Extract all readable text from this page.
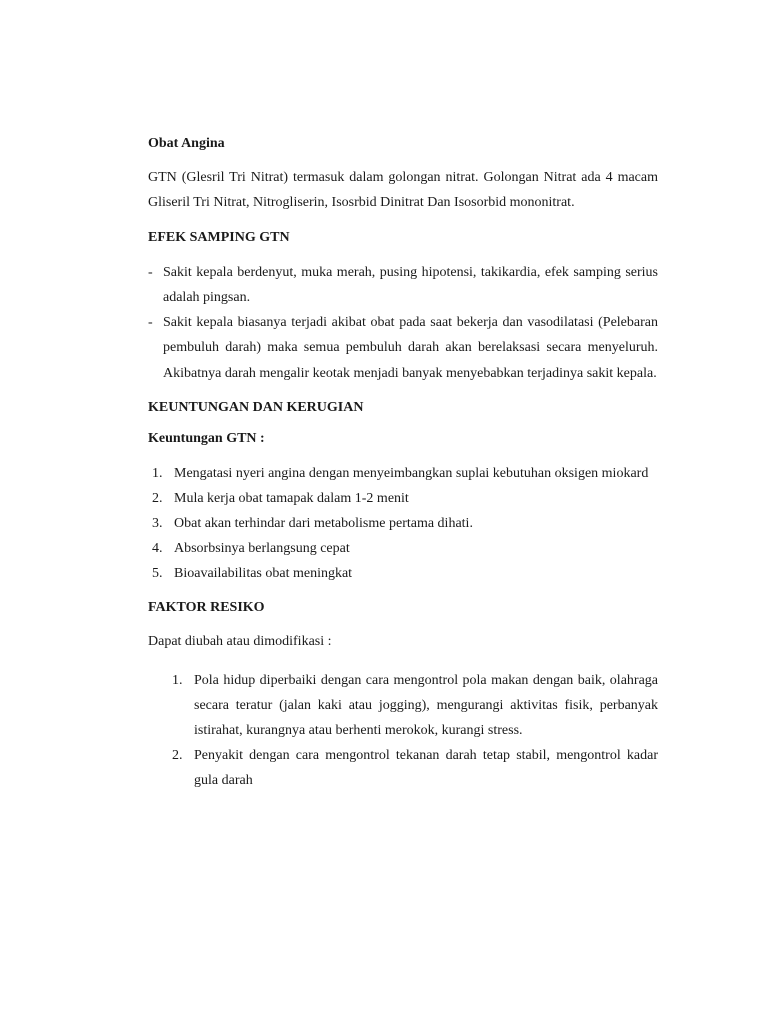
Obat Angina

GTN (Glesril Tri Nitrat) termasuk dalam golongan nitrat. Golongan Nitrat ada 4 macam Gliseril Tri Nitrat, Nitrogliserin, Isosrbid Dinitrat Dan Isosorbid mononitrat.

EFEK SAMPING GTN

- Sakit kepala berdenyut, muka merah, pusing hipotensi, takikardia, efek samping serius adalah pingsan.
- Sakit kepala biasanya terjadi akibat obat pada saat bekerja dan vasodilatasi (Pelebaran pembuluh darah) maka semua pembuluh darah akan berelaksasi secara menyeluruh. Akibatnya darah mengalir keotak menjadi banyak menyebabkan terjadinya sakit kepala.

KEUNTUNGAN DAN KERUGIAN

Keuntungan GTN :

1. Mengatasi nyeri angina dengan menyeimbangkan suplai kebutuhan oksigen miokard
2. Mula kerja obat tamapak dalam 1-2 menit
3. Obat akan terhindar dari metabolisme pertama dihati.
4. Absorbsinya berlangsung cepat
5. Bioavailabilitas obat meningkat

FAKTOR RESIKO

Dapat diubah atau dimodifikasi :

1. Pola hidup diperbaiki dengan cara mengontrol pola makan dengan baik, olahraga secara teratur (jalan kaki atau jogging), mengurangi aktivitas fisik, perbanyak istirahat, kurangnya atau berhenti merokok, kurangi stress.
2. Penyakit dengan cara mengontrol tekanan darah tetap stabil, mengontrol kadar gula darah
